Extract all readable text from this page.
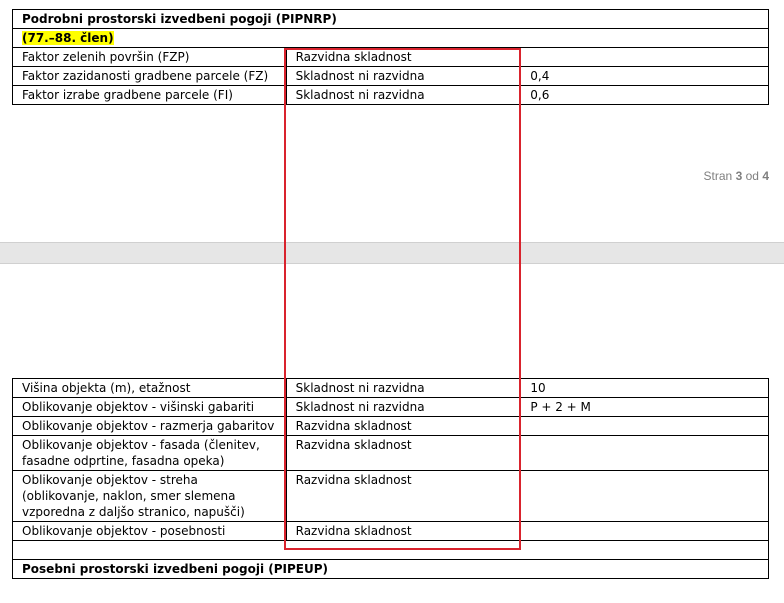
Podrobni prostorski izvedbeni pogoji (PIPNRP)		
(77.–88. člen)		
Faktor zelenih površin (FZP)	Razvidna skladnost	
Faktor zazidanosti gradbene parcele (FZ)	Skladnost ni razvidna	0,4
Faktor izrabe gradbene parcele (FI)	Skladnost ni razvidna	0,6
Stran 3 od 4
Višina objekta (m), etažnost	Skladnost ni razvidna	10
Oblikovanje objektov - višinski gabariti	Skladnost ni razvidna	P + 2 + M
Oblikovanje objektov - razmerja gabaritov	Razvidna skladnost	
Oblikovanje objektov - fasada (členitev, fasadne odprtine, fasadna opeka)	Razvidna skladnost	
Oblikovanje objektov - streha (oblikovanje, naklon, smer slemena vzporedna z daljšo stranico, napušči)	Razvidna skladnost	
Oblikovanje objektov - posebnosti	Razvidna skladnost	

Posebni prostorski izvedbeni pogoji (PIPEUP)		
